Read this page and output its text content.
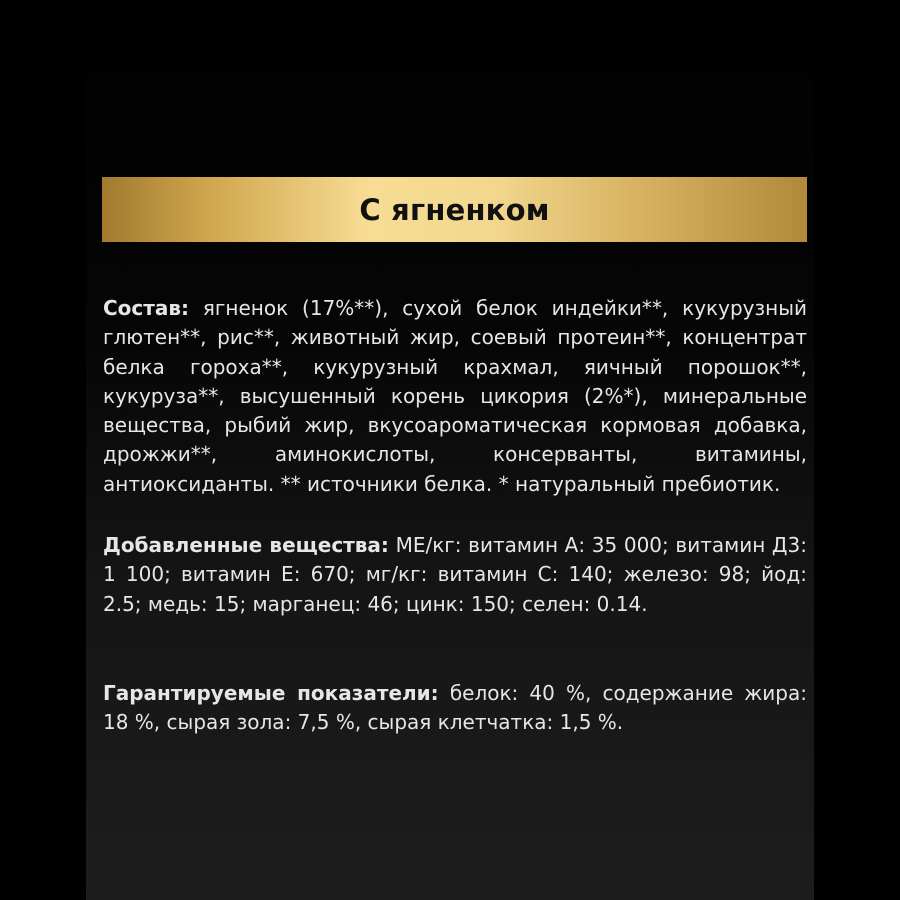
С ягненком
Состав: ягненок (17%**), сухой белок индейки**, кукурузный глютен**, рис**, животный жир, соевый протеин**, концентрат белка гороха**, кукурузный крахмал, яичный порошок**, кукуруза**, высушенный корень цикория (2%*), минеральные вещества, рыбий жир, вкусоароматическая кормовая добавка, дрожжи**, аминокислоты, консерванты, витамины, антиоксиданты. ** источники белка. * натуральный пребиотик.
Добавленные вещества: МЕ/кг: витамин А: 35 000; витамин Д3: 1 100; витамин Е: 670; мг/кг: витамин С: 140; железо: 98; йод: 2.5; медь: 15; марганец: 46; цинк: 150; селен: 0.14.
Гарантируемые показатели: белок: 40 %, содержание жира: 18 %, сырая зола: 7,5 %, сырая клетчатка: 1,5 %.
